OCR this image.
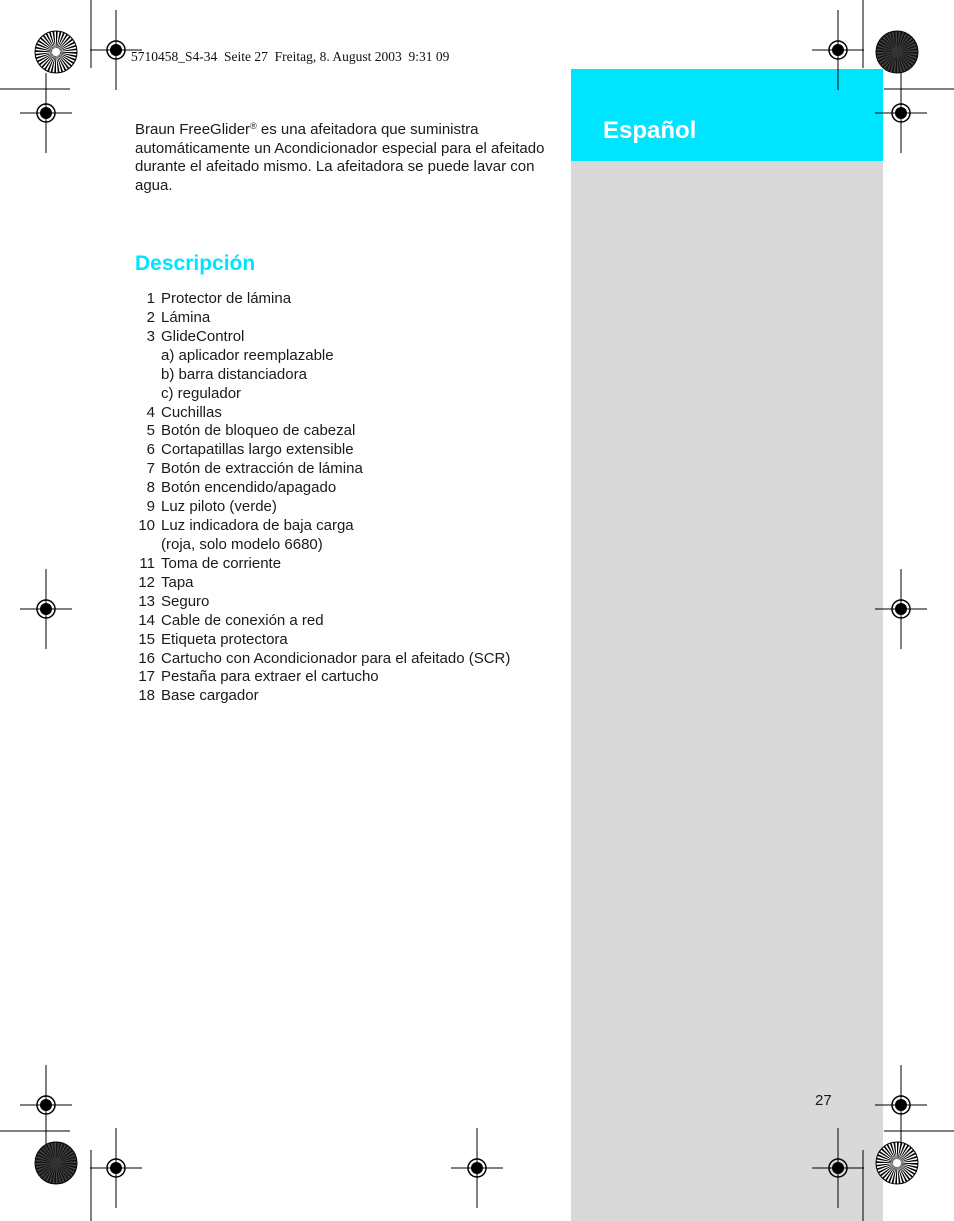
Español
5710458_S4-34  Seite 27  Freitag, 8. August 2003  9:31 09

Braun FreeGlider® es una afeitadora que suministra automáticamente un Acondicionador especial para el afeitado durante el afeitado mismo. La afeitadora se puede lavar con agua.

Descripción
1 Protector de lámina
2 Lámina
3 GlideControl
a) aplicador reemplazable
b) barra distanciadora
c) regulador
4 Cuchillas
5 Botón de bloqueo de cabezal
6 Cortapatillas largo extensible
7 Botón de extracción de lámina
8 Botón encendido/apagado
9 Luz piloto (verde)
10 Luz indicadora de baja carga
(roja, solo modelo 6680)
11 Toma de corriente
12 Tapa
13 Seguro
14 Cable de conexión a red
15 Etiqueta protectora
16 Cartucho con Acondicionador para el afeitado (SCR)
17 Pestaña para extraer el cartucho
18 Base cargador
27
